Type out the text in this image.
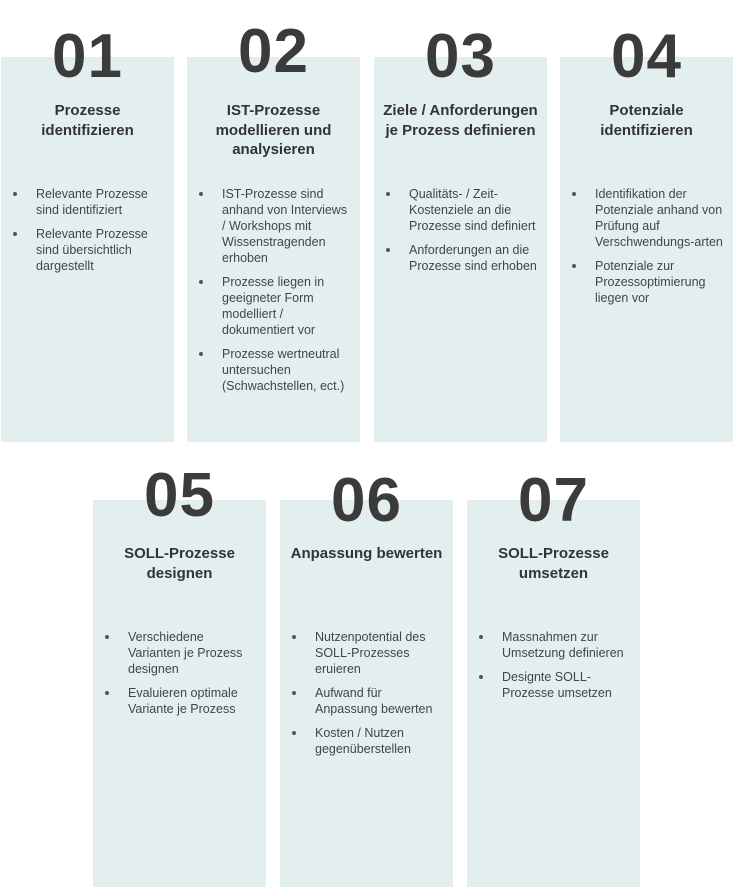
01
Prozesse identifizieren
Relevante Prozesse sind identifiziert
Relevante Prozesse sind übersichtlich dargestellt
02
IST-Prozesse modellieren und analysieren
IST-Prozesse sind anhand von Interviews / Workshops mit Wissenstragenden erhoben
Prozesse liegen in geeigneter Form modelliert / dokumentiert vor
Prozesse wertneutral untersuchen (Schwachstellen, ect.)
03
Ziele / Anforderungen je Prozess definieren
Qualitäts- / Zeit- Kostenziele an die Prozesse sind definiert
Anforderungen an die Prozesse sind erhoben
04
Potenziale identifizieren
Identifikation der Potenziale anhand von Prüfung auf Verschwendungs-arten
Potenziale zur Prozessoptimierung liegen vor
05
SOLL-Prozesse designen
Verschiedene Varianten je Prozess designen
Evaluieren optimale Variante je Prozess
06
Anpassung bewerten
Nutzenpotential des SOLL-Prozesses eruieren
Aufwand für Anpassung bewerten
Kosten / Nutzen gegenüberstellen
07
SOLL-Prozesse umsetzen
Massnahmen zur Umsetzung definieren
Designte SOLL-Prozesse umsetzen
